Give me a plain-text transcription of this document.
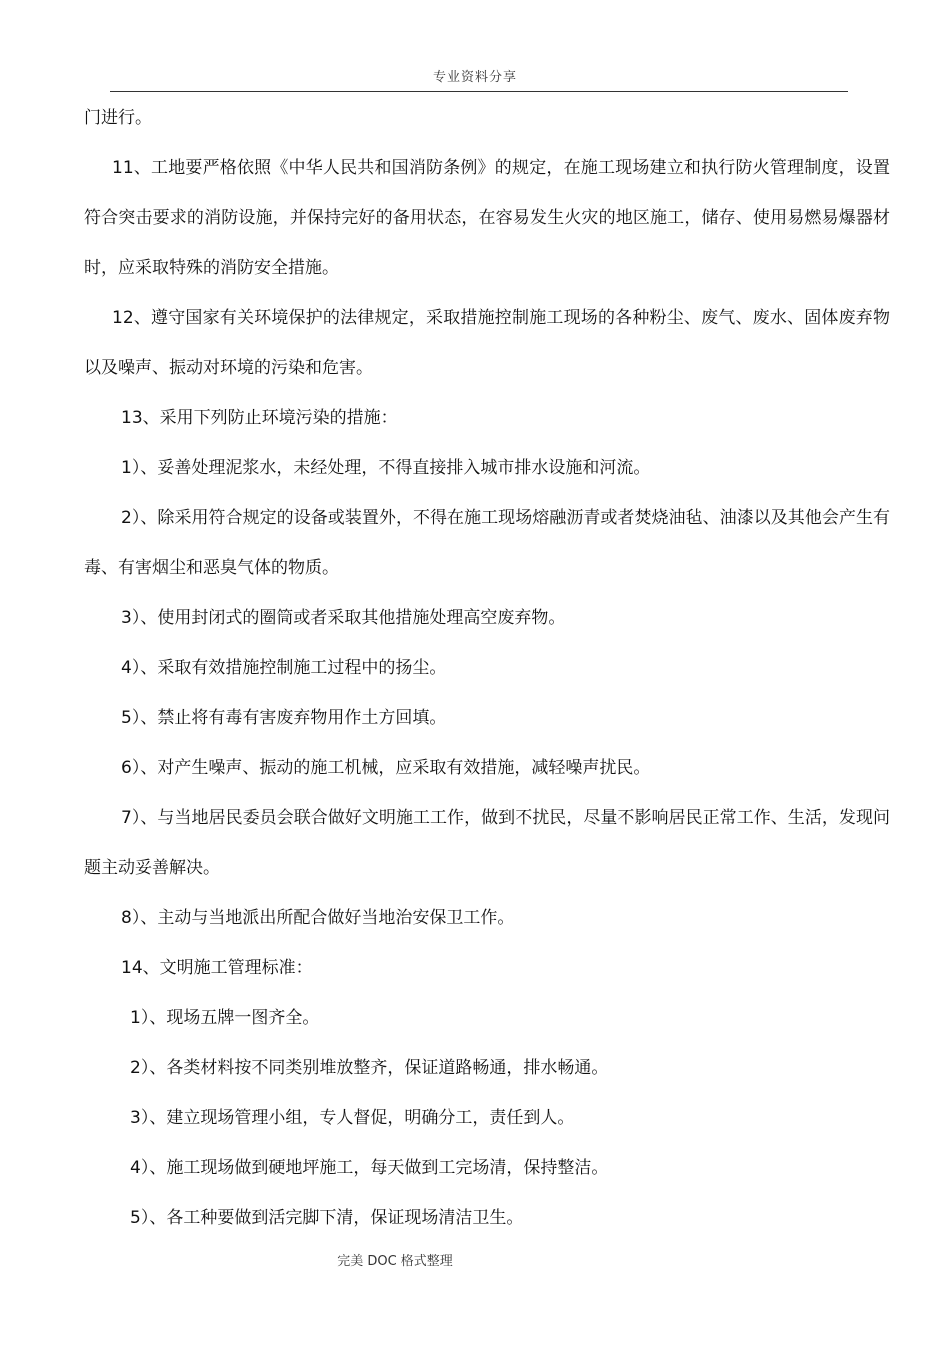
专业资料分享

门进行。

11、工地要严格依照《中华人民共和国消防条例》的规定，在施工现场建立和执行防火管理制度，设置符合突击要求的消防设施，并保持完好的备用状态，在容易发生火灾的地区施工，储存、使用易燃易爆器材时，应采取特殊的消防安全措施。

12、遵守国家有关环境保护的法律规定，采取措施控制施工现场的各种粉尘、废气、废水、固体废弃物以及噪声、振动对环境的污染和危害。

13、采用下列防止环境污染的措施：

1）、妥善处理泥浆水，未经处理，不得直接排入城市排水设施和河流。

2）、除采用符合规定的设备或装置外，不得在施工现场熔融沥青或者焚烧油毡、油漆以及其他会产生有毒、有害烟尘和恶臭气体的物质。

3）、使用封闭式的圈筒或者采取其他措施处理高空废弃物。

4）、采取有效措施控制施工过程中的扬尘。

5）、禁止将有毒有害废弃物用作土方回填。

6）、对产生噪声、振动的施工机械，应采取有效措施，减轻噪声扰民。

7）、与当地居民委员会联合做好文明施工工作，做到不扰民，尽量不影响居民正常工作、生活，发现问题主动妥善解决。

8）、主动与当地派出所配合做好当地治安保卫工作。

14、文明施工管理标准：

1）、现场五牌一图齐全。

2）、各类材料按不同类别堆放整齐，保证道路畅通，排水畅通。

3）、建立现场管理小组，专人督促，明确分工，责任到人。

4）、施工现场做到硬地坪施工，每天做到工完场清，保持整洁。

5）、各工种要做到活完脚下清，保证现场清洁卫生。

完美 DOC 格式整理
